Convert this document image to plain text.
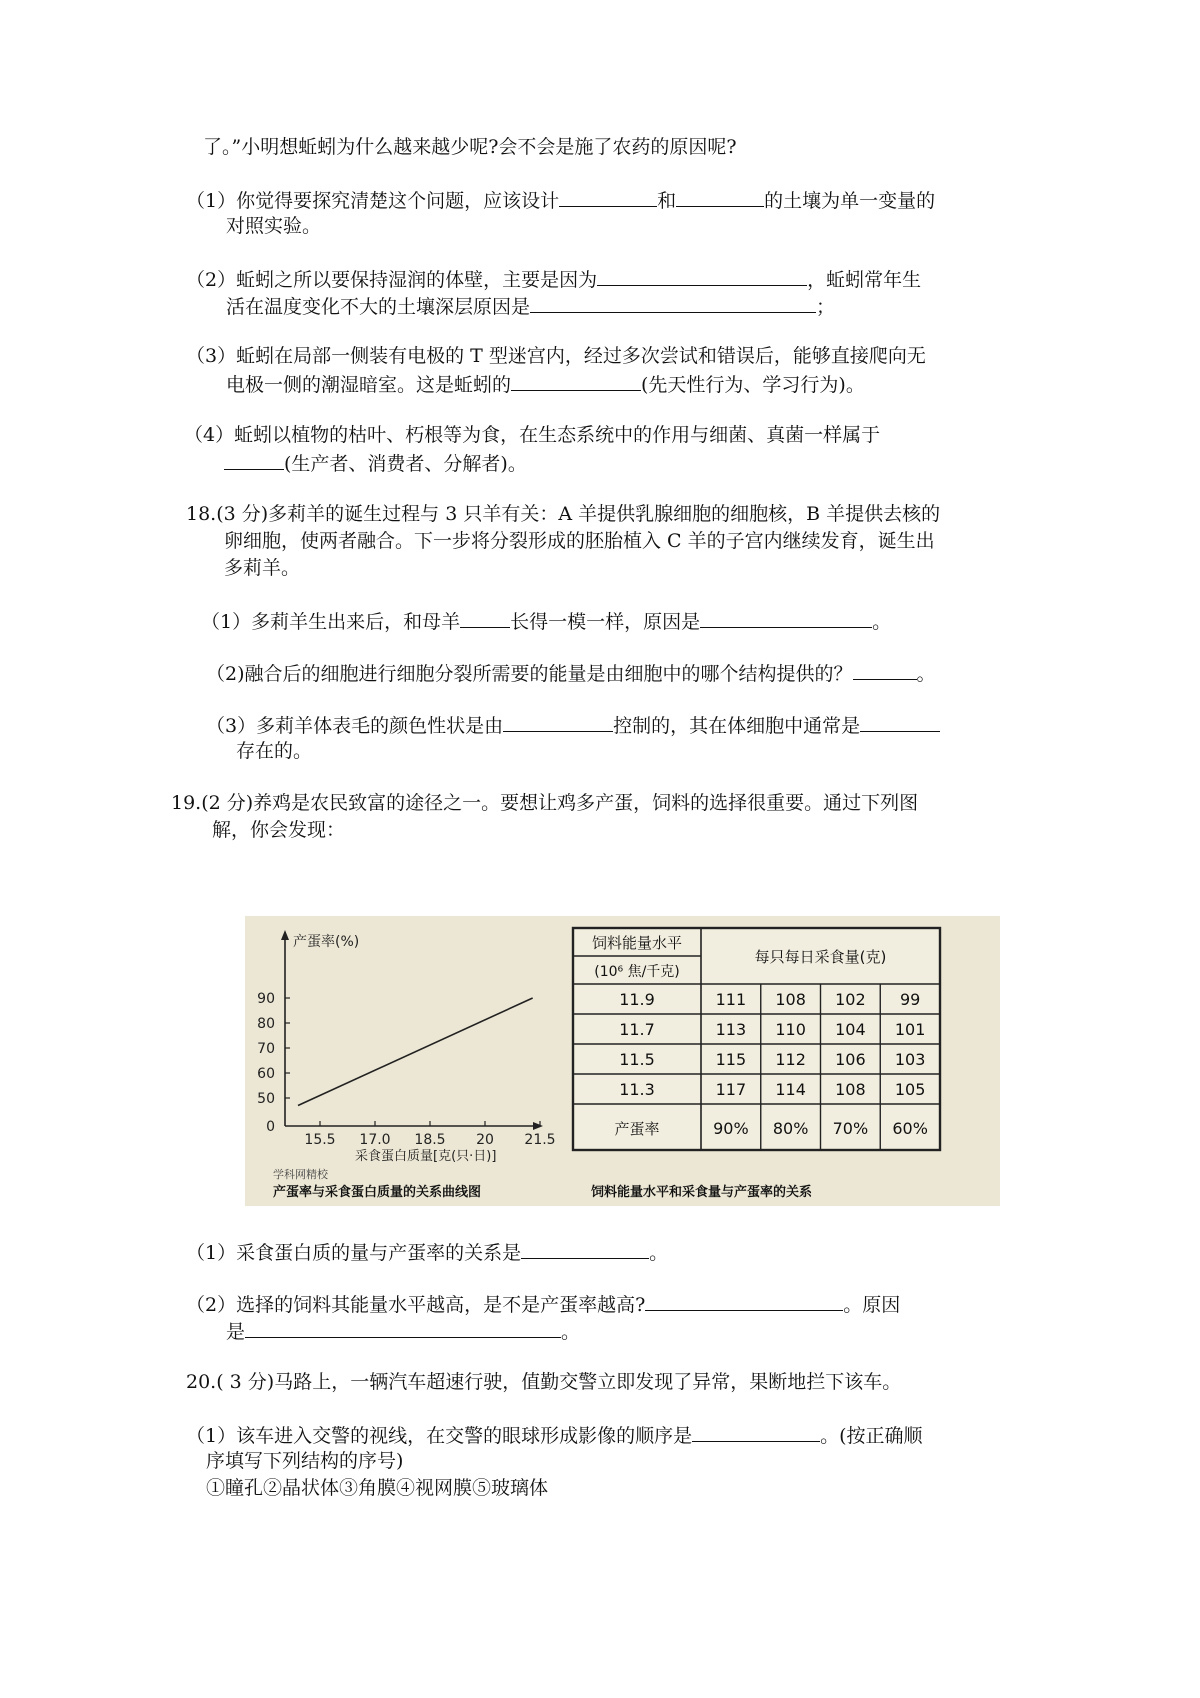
了。”小明想蚯蚓为什么越来越少呢?会不会是施了农药的原因呢?
（1）你觉得要探究清楚这个问题，应该设计	和	的土壤为单一变量的
对照实验。
（2）蚯蚓之所以要保持湿润的体壁，主要是因为	，蚯蚓常年生
活在温度变化不大的土壤深层原因是	；
（3）蚯蚓在局部一侧装有电极的 T 型迷宫内，经过多次尝试和错误后，能够直接爬向无
电极一侧的潮湿暗室。这是蚯蚓的	(先天性行为、学习行为)。
（4）蚯蚓以植物的枯叶、朽根等为食，在生态系统中的作用与细菌、真菌一样属于
(生产者、消费者、分解者)。
18.(3 分)多莉羊的诞生过程与 3 只羊有关：A 羊提供乳腺细胞的细胞核，B 羊提供去核的
卵细胞，使两者融合。下一步将分裂形成的胚胎植入 C 羊的子宫内继续发育，诞生出
多莉羊。
（1）多莉羊生出来后，和母羊	长得一模一样，原因是	。
（2)融合后的细胞进行细胞分裂所需要的能量是由细胞中的哪个结构提供的？	。
（3）多莉羊体表毛的颜色性状是由	控制的，其在体细胞中通常是
存在的。
19.(2 分)养鸡是农民致富的途径之一。要想让鸡多产蛋，饲料的选择很重要。通过下列图
解，你会发现：
产蛋率(%)
采食蛋白质量[克(只·日)]
0
50
60
70
80
90
15.5 17.0 18.5 20 21.5
学科网精校
产蛋率与采食蛋白质量的关系曲线图
饲料能量水平
(10⁶ 焦/千克)
每只每日采食量(克)
11.9	111 108 102 99
11.7	113 110 104 101
11.5	115 112 106 103
11.3	117 114 108 105
产蛋率	90% 80% 70% 60%
饲料能量水平和采食量与产蛋率的关系
（1）采食蛋白质的量与产蛋率的关系是	。
（2）选择的饲料其能量水平越高，是不是产蛋率越高?	。原因
是	。
20.( 3 分)马路上，一辆汽车超速行驶，值勤交警立即发现了异常，果断地拦下该车。
（1）该车进入交警的视线，在交警的眼球形成影像的顺序是	。(按正确顺
序填写下列结构的序号)
①瞳孔②晶状体③角膜④视网膜⑤玻璃体
